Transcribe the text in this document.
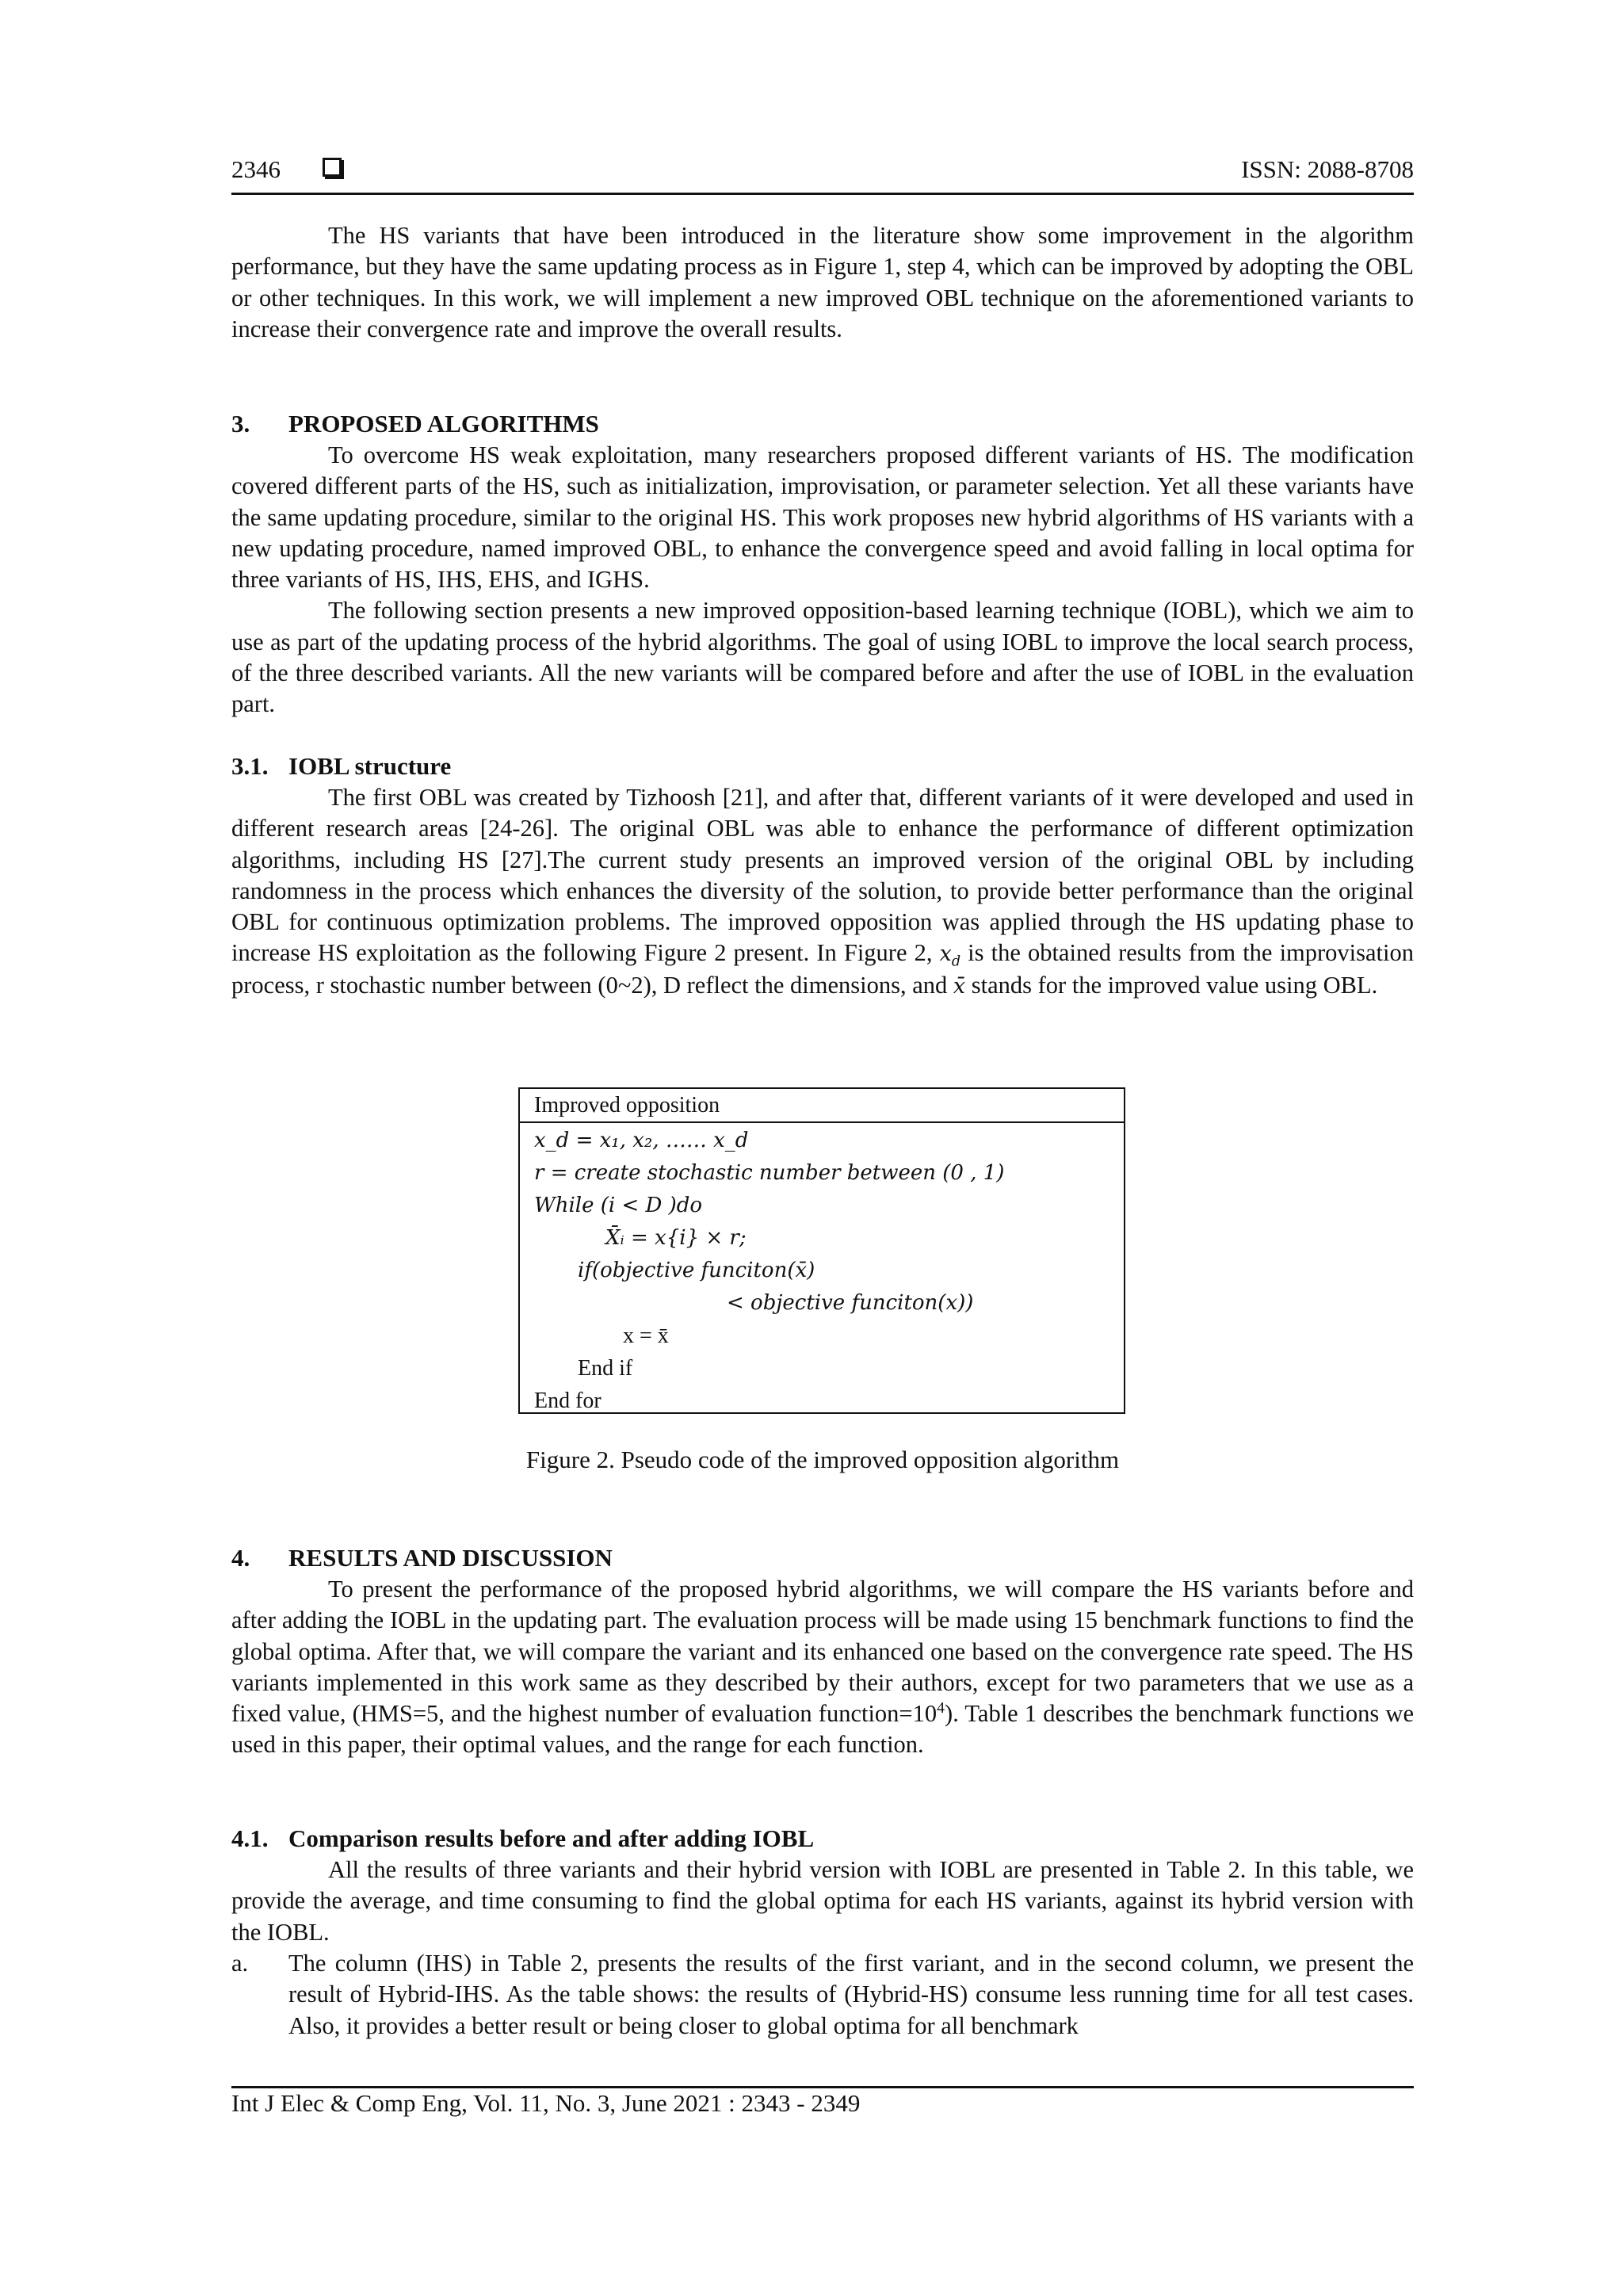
2346	ISSN: 2088-8708

The HS variants that have been introduced in the literature show some improvement in the algorithm performance, but they have the same updating process as in Figure 1, step 4, which can be improved by adopting the OBL or other techniques. In this work, we will implement a new improved OBL technique on the aforementioned variants to increase their convergence rate and improve the overall results.

3. PROPOSED ALGORITHMS

To overcome HS weak exploitation, many researchers proposed different variants of HS. The modification covered different parts of the HS, such as initialization, improvisation, or parameter selection. Yet all these variants have the same updating procedure, similar to the original HS. This work proposes new hybrid algorithms of HS variants with a new updating procedure, named improved OBL, to enhance the convergence speed and avoid falling in local optima for three variants of HS, IHS, EHS, and IGHS.

The following section presents a new improved opposition-based learning technique (IOBL), which we aim to use as part of the updating process of the hybrid algorithms. The goal of using IOBL to improve the local search process, of the three described variants. All the new variants will be compared before and after the use of IOBL in the evaluation part.

3.1. IOBL structure

The first OBL was created by Tizhoosh [21], and after that, different variants of it were developed and used in different research areas [24-26]. The original OBL was able to enhance the performance of different optimization algorithms, including HS [27].The current study presents an improved version of the original OBL by including randomness in the process which enhances the diversity of the solution, to provide better performance than the original OBL for continuous optimization problems. The improved opposition was applied through the HS updating phase to increase HS exploitation as the following Figure 2 present. In Figure 2, $x_d$ is the obtained results from the improvisation process, r stochastic number between (0~2), D reflect the dimensions, and x̄ stands for the improved value using OBL.

Improved opposition
x_d = x₁, x₂, …… x_d
r = create stochastic number between (0 , 1)
While (i < D )do
X̄ᵢ = x{i} × r;
if(objective funciton(x̄)
< objective funciton(x))
x = x̄
End if
End for
Figure 2. Pseudo code of the improved opposition algorithm
4. RESULTS AND DISCUSSION

To present the performance of the proposed hybrid algorithms, we will compare the HS variants before and after adding the IOBL in the updating part. The evaluation process will be made using 15 benchmark functions to find the global optima. After that, we will compare the variant and its enhanced one based on the convergence rate speed. The HS variants implemented in this work same as they described by their authors, except for two parameters that we use as a fixed value, (HMS=5, and the highest number of evaluation $function=10^4$). Table 1 describes the benchmark functions we used in this paper, their optimal values, and the range for each function.

4.1. Comparison results before and after adding IOBL

All the results of three variants and their hybrid version with IOBL are presented in Table 2. In this table, we provide the average, and time consuming to find the global optima for each HS variants, against its hybrid version with the IOBL.

a. The column (IHS) in Table 2, presents the results of the first variant, and in the second column, we present the result of Hybrid-IHS. As the table shows: the results of (Hybrid-HS) consume less running time for all test cases. Also, it provides a better result or being closer to global optima for all benchmark
Int J Elec & Comp Eng, Vol. 11, No. 3, June 2021 : 2343 - 2349
